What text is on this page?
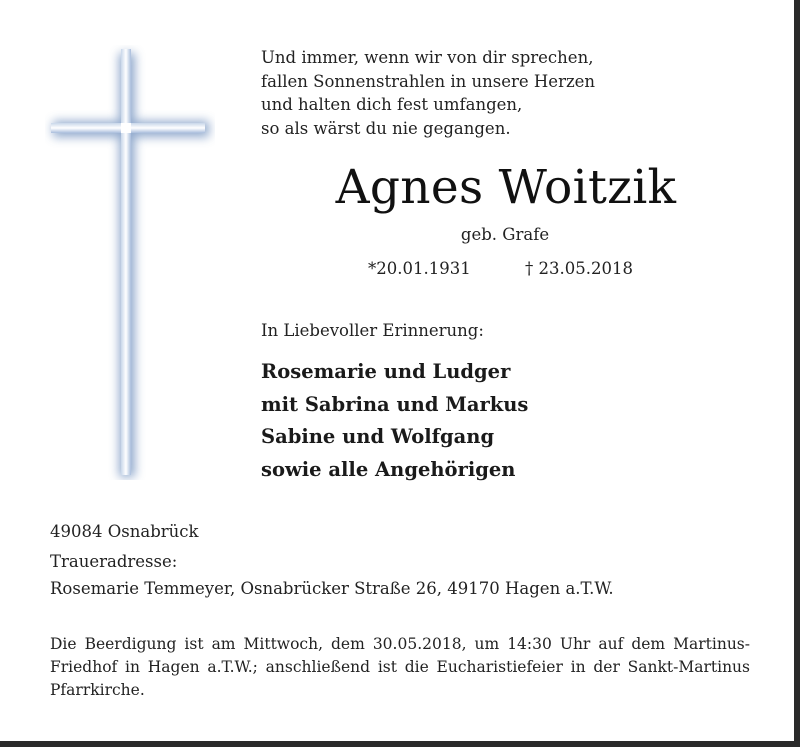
Und immer, wenn wir von dir sprechen,
fallen Sonnenstrahlen in unsere Herzen
und halten dich fest umfangen,
so als wärst du nie gegangen.
Agnes Woitzik
geb. Grafe
*20.01.1931	† 23.05.2018
In Liebevoller Erinnerung:
Rosemarie und Ludger
mit Sabrina und Markus
Sabine und Wolfgang
sowie alle Angehörigen
49084 Osnabrück
Traueradresse:
Rosemarie Temmeyer, Osnabrücker Straße 26, 49170 Hagen a.T.W.
Die Beerdigung ist am Mittwoch, dem 30.05.2018, um 14:30 Uhr auf dem Martinus-Friedhof in Hagen a.T.W.; anschließend ist die Eucharistiefeier in der Sankt-Martinus Pfarrkirche.
